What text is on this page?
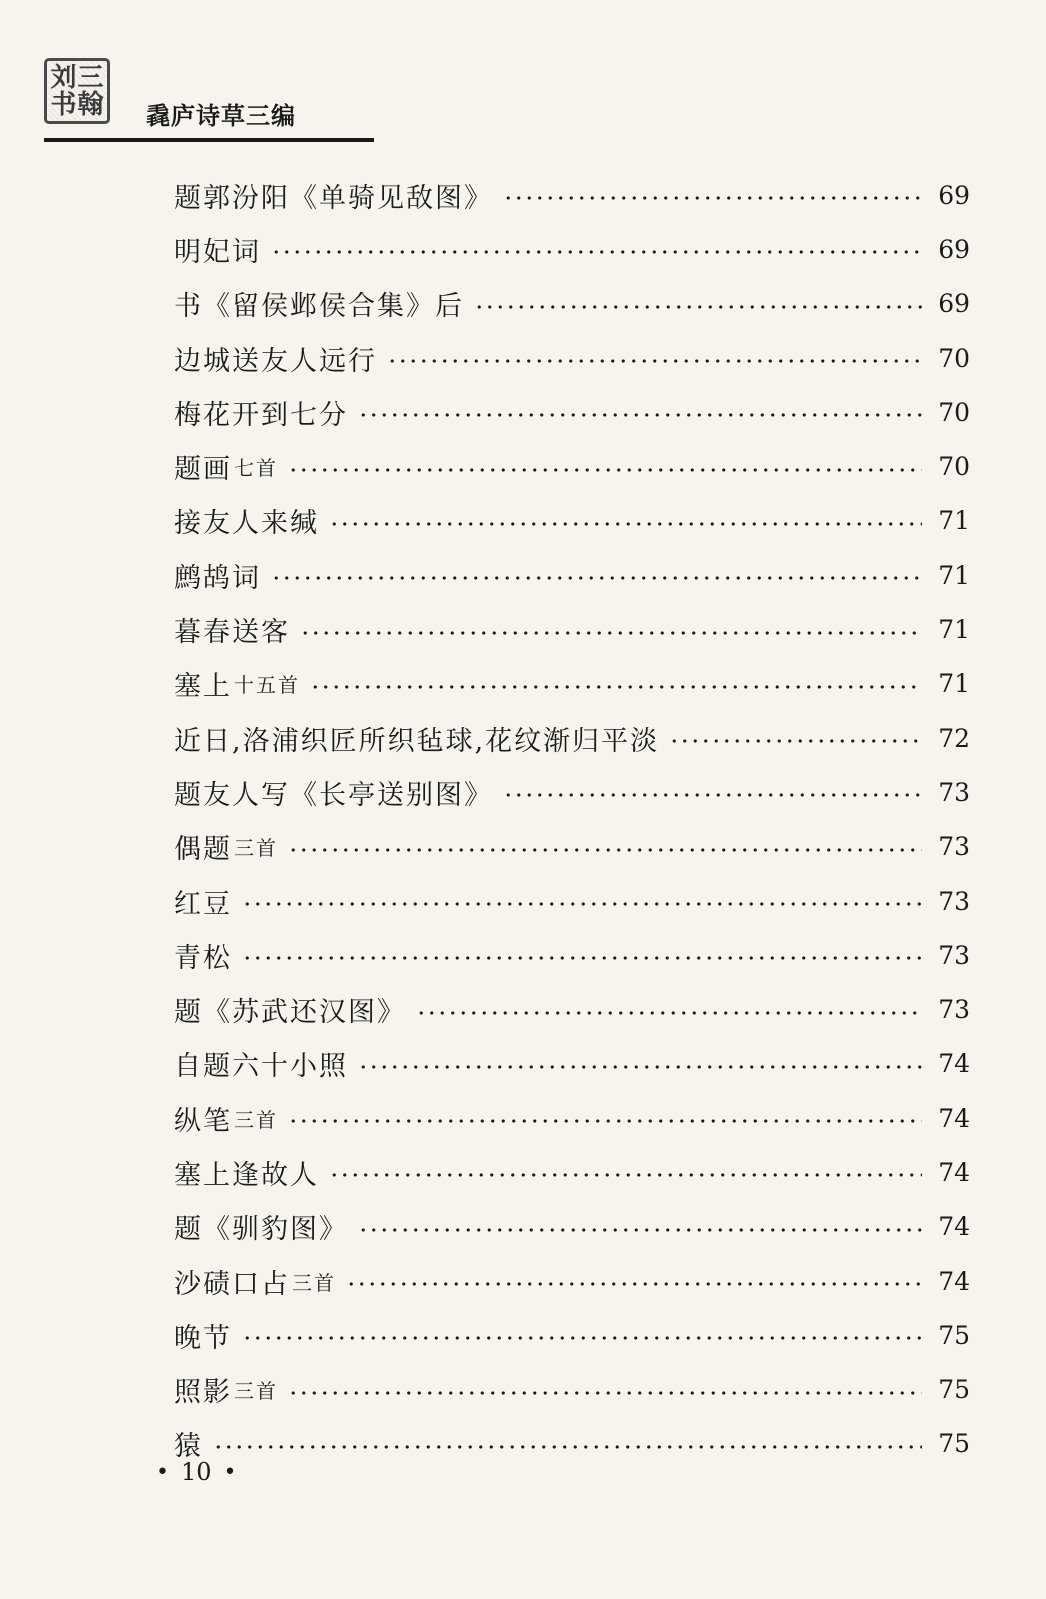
刘 三
书 翰 毳庐诗草三编
题郭汾阳《单骑见敌图》	69
明妃词	69
书《留侯邺侯合集》后	69
边城送友人远行	70
梅花开到七分	70
题画 七首	70
接友人来缄	71
鹧鸪词	71
暮春送客	71
塞上 十五首	71
近日,洛浦织匠所织毡球,花纹渐归平淡	72
题友人写《长亭送别图》	73
偶题 三首	73
红豆	73
青松	73
题《苏武还汉图》	73
自题六十小照	74
纵笔 三首	74
塞上逢故人	74
题《驯豹图》	74
沙碛口占 三首	74
晚节	75
照影 三首	75
猿	75
• 10 •
